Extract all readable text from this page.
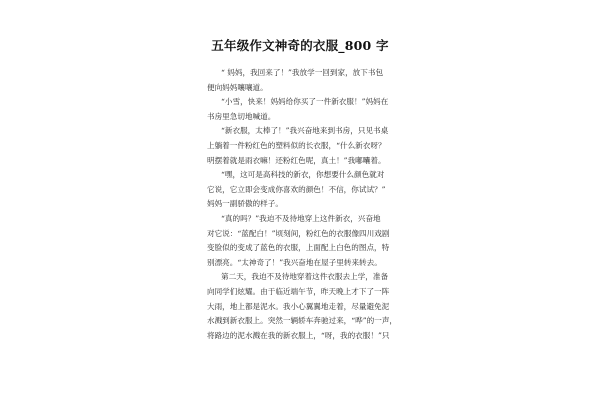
五年级作文神奇的衣服_800 字
“ 妈妈，我回来了！”我放学一回到家，放下书包
便向妈妈嚷嚷道。
“小雪，快来！妈妈给你买了一件新衣服！”妈妈在
书房里急切地喊道。
“新衣服，太棒了！”我兴奋地来到书房，只见书桌
上躺着一件粉红色的塑料似的长衣服，“什么新衣呀？
明摆着就是雨衣嘛！还粉红色呢，真土！”我嘟囔着。
“嘿，这可是高科技的新衣，你想要什么颜色就对
它说，它立即会变成你喜欢的颜色！不信，你试试？”
妈妈一副骄傲的样子。
“真的吗？”我迫不及待地穿上这件新衣，兴奋地
对它说：“蓝配白！”顷刻间，粉红色的衣服像四川戏剧
变脸似的变成了蓝色的衣服，上面配上白色的图点，特
别漂亮。“太神奇了！”我兴奋地在屋子里转来转去。
第二天，我迫不及待地穿着这件衣服去上学，准备
向同学们炫耀。由于临近端午节，昨天晚上才下了一阵
大雨，地上都是泥水。我小心翼翼地走着，尽量避免泥
水溅到新衣服上。突然一辆轿车奔驰过来，“哗”的一声，
将路边的泥水溅在我的新衣服上，“呀，我的衣服！”只
